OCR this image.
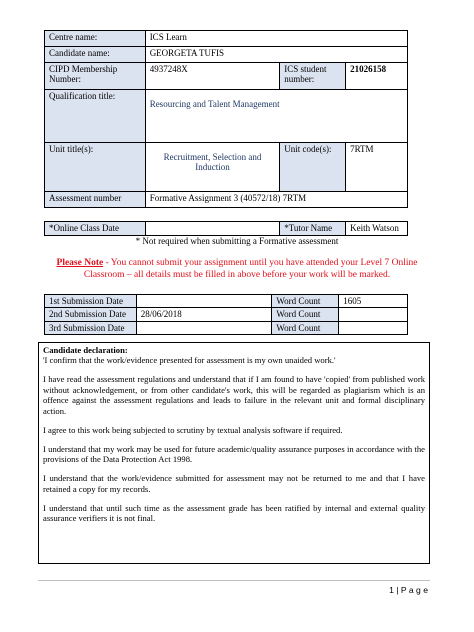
Centre name:	ICS Learn		
Candidate name:	GEORGETA TUFIS		
CIPD Membership Number:	4937248X	ICS student number:	21026158
Qualification title:	Resourcing and Talent Management		
Unit title(s):	Recruitment, Selection and Induction	Unit code(s):	7RTM
Assessment number	Formative Assignment 3 (40572/18) 7RTM		
*Online Class Date		*Tutor Name	Keith Watson
* Not required when submitting a Formative assessment
Please Note - You cannot submit your assignment until you have attended your Level 7 Online Classroom – all details must be filled in above before your work will be marked.
1st Submission Date		Word Count	1605
2nd Submission Date	28/06/2018	Word Count	
3rd Submission Date		Word Count	
Candidate declaration:

'I confirm that the work/evidence presented for assessment is my own unaided work.'

I have read the assessment regulations and understand that if I am found to have 'copied' from published work without acknowledgement, or from other candidate's work, this will be regarded as plagiarism which is an offence against the assessment regulations and leads to failure in the relevant unit and formal disciplinary action.

I agree to this work being subjected to scrutiny by textual analysis software if required.

I understand that my work may be used for future academic/quality assurance purposes in accordance with the provisions of the Data Protection Act 1998.

I understand that the work/evidence submitted for assessment may not be returned to me and that I have retained a copy for my records.

I understand that until such time as the assessment grade has been ratified by internal and external quality assurance verifiers it is not final.

1 | P a g e
